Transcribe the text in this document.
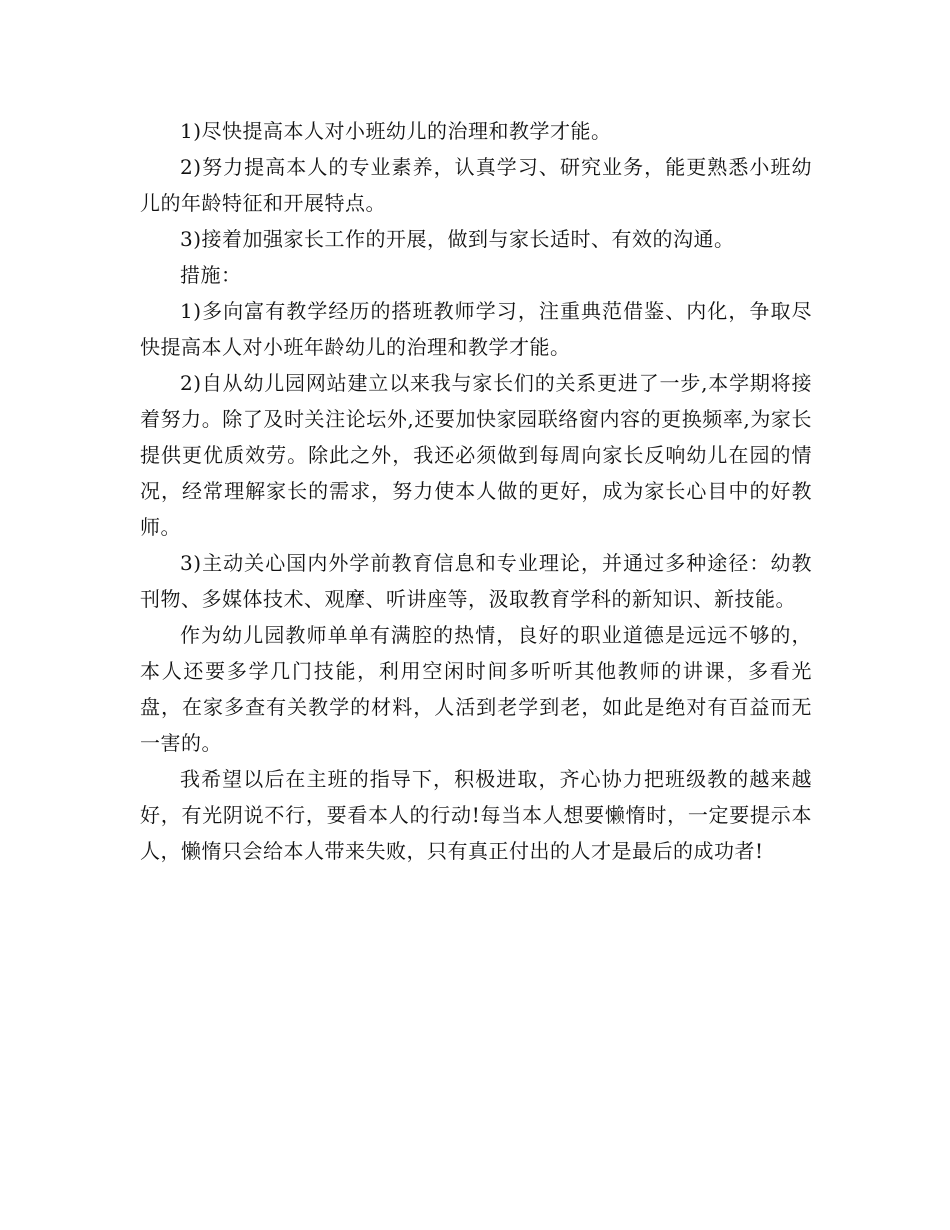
1)尽快提高本人对小班幼儿的治理和教学才能。

2)努力提高本人的专业素养，认真学习、研究业务，能更熟悉小班幼儿的年龄特征和开展特点。

3)接着加强家长工作的开展，做到与家长适时、有效的沟通。

措施：

1)多向富有教学经历的搭班教师学习，注重典范借鉴、内化，争取尽快提高本人对小班年龄幼儿的治理和教学才能。

2)自从幼儿园网站建立以来我与家长们的关系更进了一步,本学期将接着努力。除了及时关注论坛外,还要加快家园联络窗内容的更换频率,为家长提供更优质效劳。除此之外，我还必须做到每周向家长反响幼儿在园的情况，经常理解家长的需求，努力使本人做的更好，成为家长心目中的好教师。

3)主动关心国内外学前教育信息和专业理论，并通过多种途径：幼教刊物、多媒体技术、观摩、听讲座等，汲取教育学科的新知识、新技能。

作为幼儿园教师单单有满腔的热情，良好的职业道德是远远不够的，本人还要多学几门技能，利用空闲时间多听听其他教师的讲课，多看光盘，在家多查有关教学的材料，人活到老学到老，如此是绝对有百益而无一害的。

我希望以后在主班的指导下，积极进取，齐心协力把班级教的越来越好，有光阴说不行，要看本人的行动!每当本人想要懒惰时，一定要提示本人，懒惰只会给本人带来失败，只有真正付出的人才是最后的成功者!
